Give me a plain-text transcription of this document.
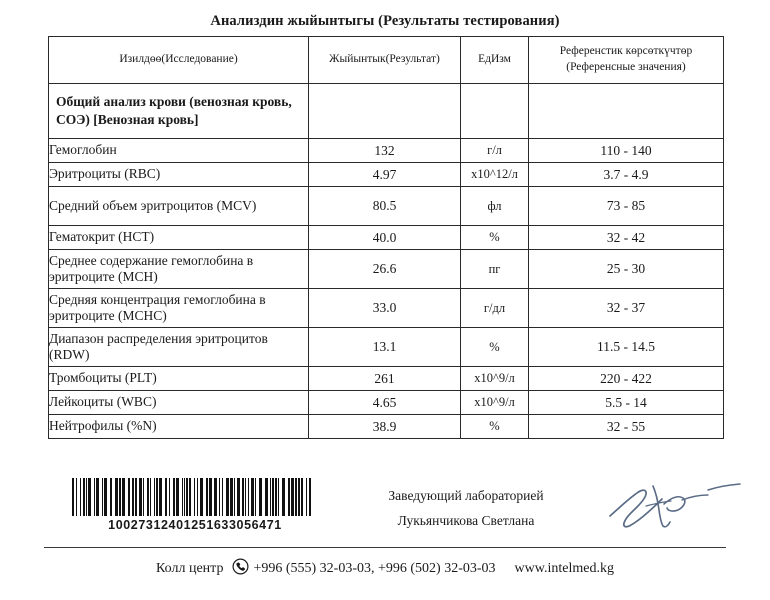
Анализдин жыйынтыгы (Результаты тестирования)
Изилдөө(Исследование)	Жыйынтык(Результат)	ЕдИзм	Референстик көрсөткүчтөр
(Референсные значения)

Общий анализ крови (венозная кровь, СОЭ) [Венозная кровь]			
Гемоглобин	132	г/л	110 - 140
Эритроциты (RBC)	4.97	х10^12/л	3.7 - 4.9
Средний объем эритроцитов (MCV)	80.5	фл	73 - 85
Гематокрит (HCT)	40.0	%	32 - 42
Среднее содержание гемоглобина в эритроците (MCH)	26.6	пг	25 - 30
Средняя концентрация гемоглобина в эритроците (MCHC)	33.0	г/дл	32 - 37
Диапазон распределения эритроцитов (RDW)	13.1	%	11.5 - 14.5
Тромбоциты (PLT)	261	х10^9/л	220 - 422
Лейкоциты (WBC)	4.65	х10^9/л	5.5 - 14
Нейтрофилы (%N)	38.9	%	32 - 55
10027312401251633056471
Заведующий лабораторией
Лукьянчикова Светлана
Колл центр +996 (555) 32-03-03, +996 (502) 32-03-03 www.intelmed.kg
